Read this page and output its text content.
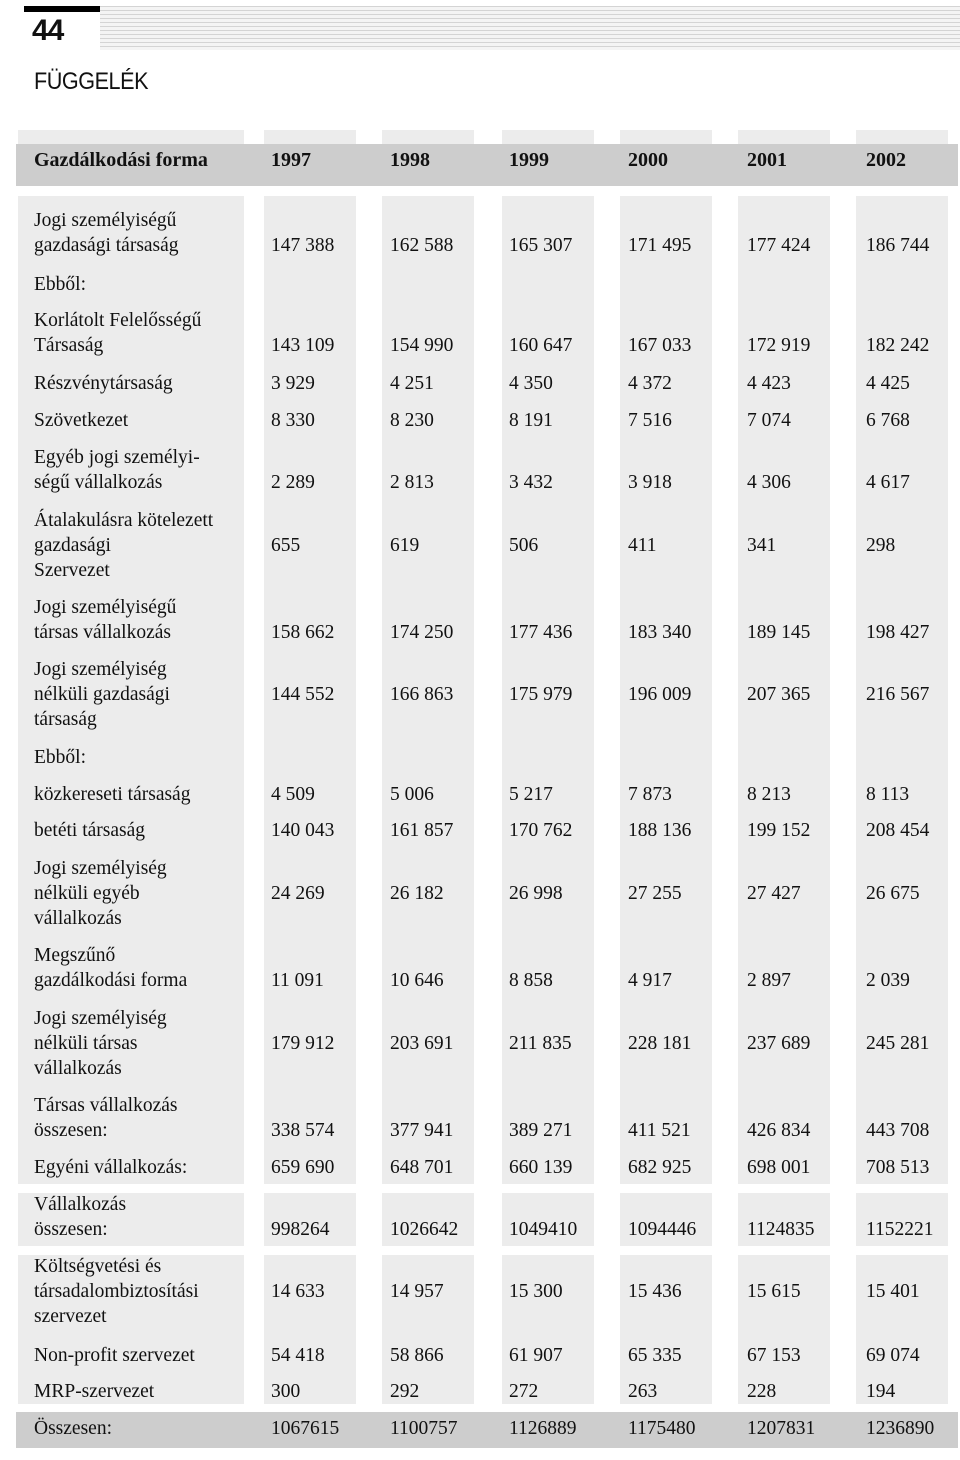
44
FÜGGELÉK
Gazdálkodási forma	1997	1998	1999	2000	2001	2002
Jogi személyiségű
gazdasági társaság	147 388	162 588	165 307	171 495	177 424	186 744
Ebből:
Korlátolt Felelősségű
Társaság	143 109	154 990	160 647	167 033	172 919	182 242
Részvénytársaság	3 929	4 251	4 350	4 372	4 423	4 425
Szövetkezet	8 330	8 230	8 191	7 516	7 074	6 768
Egyéb jogi személyi-
ségű vállalkozás	2 289	2 813	3 432	3 918	4 306	4 617
Átalakulásra kötelezett
gazdasági
Szervezet
655	619	506	411	341	298
Jogi személyiségű
társas vállalkozás	158 662	174 250	177 436	183 340	189 145	198 427
Jogi személyiség
nélküli gazdasági
társaság
144 552	166 863	175 979	196 009	207 365	216 567
Ebből:
közkereseti társaság	4 509	5 006	5 217	7 873	8 213	8 113
betéti társaság	140 043	161 857	170 762	188 136	199 152	208 454
Jogi személyiség
nélküli egyéb
vállalkozás
24 269	26 182	26 998	27 255	27 427	26 675
Megszűnő
gazdálkodási forma	11 091	10 646	8 858	4 917	2 897	2 039
Jogi személyiség
nélküli társas
vállalkozás
179 912	203 691	211 835	228 181	237 689	245 281
Társas vállalkozás
összesen:	338 574	377 941	389 271	411 521	426 834	443 708
Egyéni vállalkozás:	659 690	648 701	660 139	682 925	698 001	708 513
Vállalkozás
összesen:	998264	1026642	1049410	1094446	1124835	1152221
Költségvetési és
társadalombiztosítási
szervezet
14 633	14 957	15 300	15 436	15 615	15 401
Non-profit szervezet	54 418	58 866	61 907	65 335	67 153	69 074
MRP-szervezet	300	292	272	263	228	194
Összesen:	1067615	1100757	1126889	1175480	1207831	1236890
